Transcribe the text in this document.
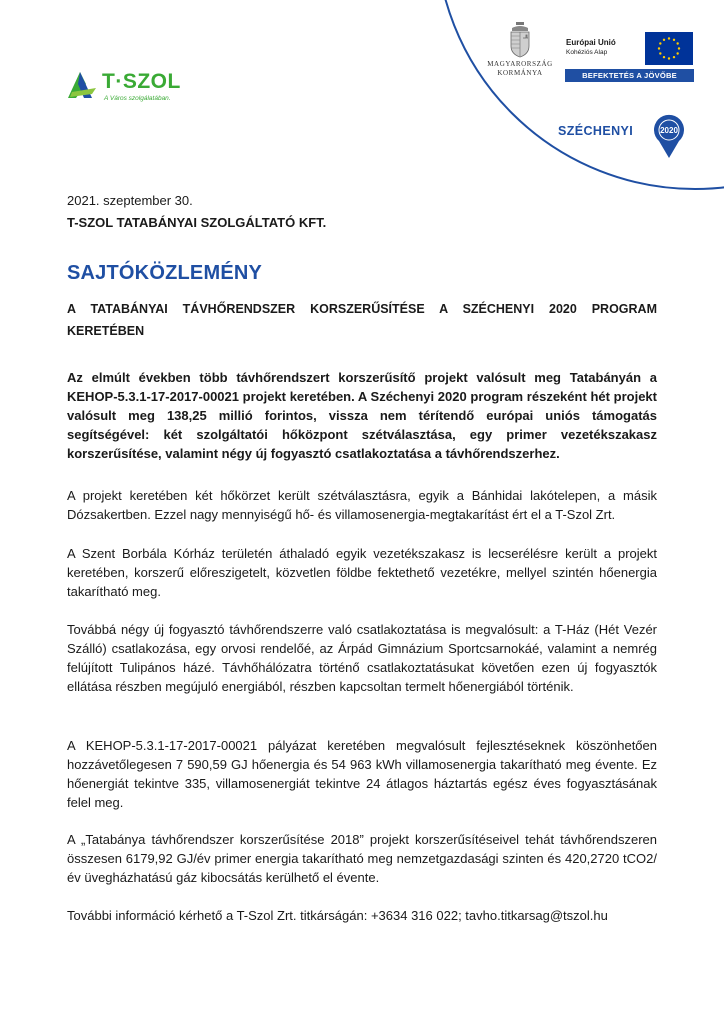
T·SZOL
A Város szolgálatában.
MAGYARORSZÁG
KORMÁNYA
Európai Unió
Kohéziós Alap
BEFEKTETÉS A JÖVŐBE
SZÉCHENYI	2020
2021. szeptember 30.
T-SZOL TATABÁNYAI SZOLGÁLTATÓ KFT.
SAJTÓKÖZLEMÉNY
A TATABÁNYAI TÁVHŐRENDSZER KORSZERŰSÍTÉSE A SZÉCHENYI 2020 PROGRAM KERETÉBEN
Az elmúlt években több távhőrendszert korszerűsítő projekt valósult meg Tatabányán a KEHOP-5.3.1-17-2017-00021 projekt keretében. A Széchenyi 2020 program részeként hét projekt valósult meg 138,25 millió forintos, vissza nem térítendő európai uniós támogatás segítségével: két szolgáltatói hőközpont szétválasztása, egy primer vezetékszakasz korszerűsítése, valamint négy új fogyasztó csatlakoztatása a távhőrendszerhez.
A projekt keretében két hőkörzet került szétválasztásra, egyik a Bánhidai lakótelepen, a másik Dózsakertben. Ezzel nagy mennyiségű hő- és villamosenergia-megtakarítást ért el a T-Szol Zrt.
A Szent Borbála Kórház területén áthaladó egyik vezetékszakasz is lecserélésre került a projekt keretében, korszerű előreszigetelt, közvetlen földbe fektethető vezetékre, mellyel szintén hőenergia takarítható meg.
Továbbá négy új fogyasztó távhőrendszerre való csatlakoztatása is megvalósult: a T-Ház (Hét Vezér Szálló) csatlakozása, egy orvosi rendelőé, az Árpád Gimnázium Sportcsarnokáé, valamint a nemrég felújított Tulipános házé. Távhőhálózatra történő csatlakoztatásukat követően ezen új fogyasztók ellátása részben megújuló energiából, részben kapcsoltan termelt hőenergiából történik.
A KEHOP-5.3.1-17-2017-00021 pályázat keretében megvalósult fejlesztéseknek köszönhetően hozzávetőlegesen 7 590,59 GJ hőenergia és 54 963 kWh villamosenergia takarítható meg évente. Ez hőenergiát tekintve 335, villamosenergiát tekintve 24 átlagos háztartás egész éves fogyasztásának felel meg.
A „Tatabánya távhőrendszer korszerűsítése 2018” projekt korszerűsítéseivel tehát távhőrendszeren összesen 6179,92 GJ/év primer energia takarítható meg nemzetgazdasági szinten és 420,2720 tCO2/év üvegházhatású gáz kibocsátás kerülhető el évente.
További információ kérhető a T-Szol Zrt. titkárságán: +3634 316 022; tavho.titkarsag@tszol.hu
